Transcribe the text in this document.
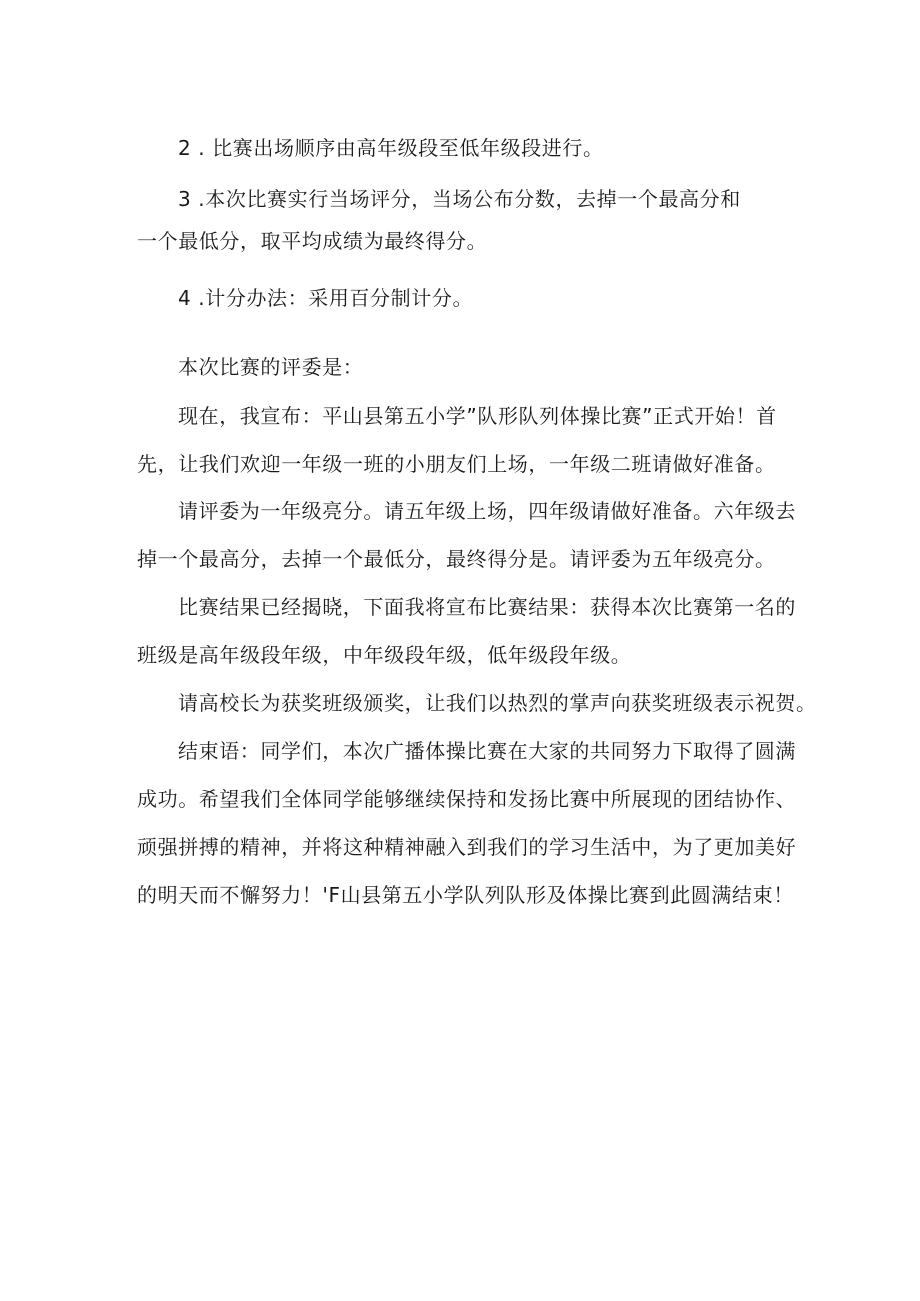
2 . 比赛出场顺序由高年级段至低年级段进行。
3 .本次比赛实行当场评分，当场公布分数，去掉一个最高分和
一个最低分，取平均成绩为最终得分。
4 .计分办法：采用百分制计分。
本次比赛的评委是：
现在，我宣布：平山县第五小学”队形队列体操比赛”正式开始！首
先，让我们欢迎一年级一班的小朋友们上场，一年级二班请做好准备。
请评委为一年级亮分。请五年级上场，四年级请做好准备。六年级去
掉一个最高分，去掉一个最低分，最终得分是。请评委为五年级亮分。
比赛结果已经揭晓，下面我将宣布比赛结果：获得本次比赛第一名的
班级是高年级段年级，中年级段年级，低年级段年级。
请高校长为获奖班级颁奖，让我们以热烈的掌声向获奖班级表示祝贺。
结束语：同学们，本次广播体操比赛在大家的共同努力下取得了圆满
成功。希望我们全体同学能够继续保持和发扬比赛中所展现的团结协作、
顽强拼搏的精神，并将这种精神融入到我们的学习生活中，为了更加美好
的明天而不懈努力！'F山县第五小学队列队形及体操比赛到此圆满结束！
